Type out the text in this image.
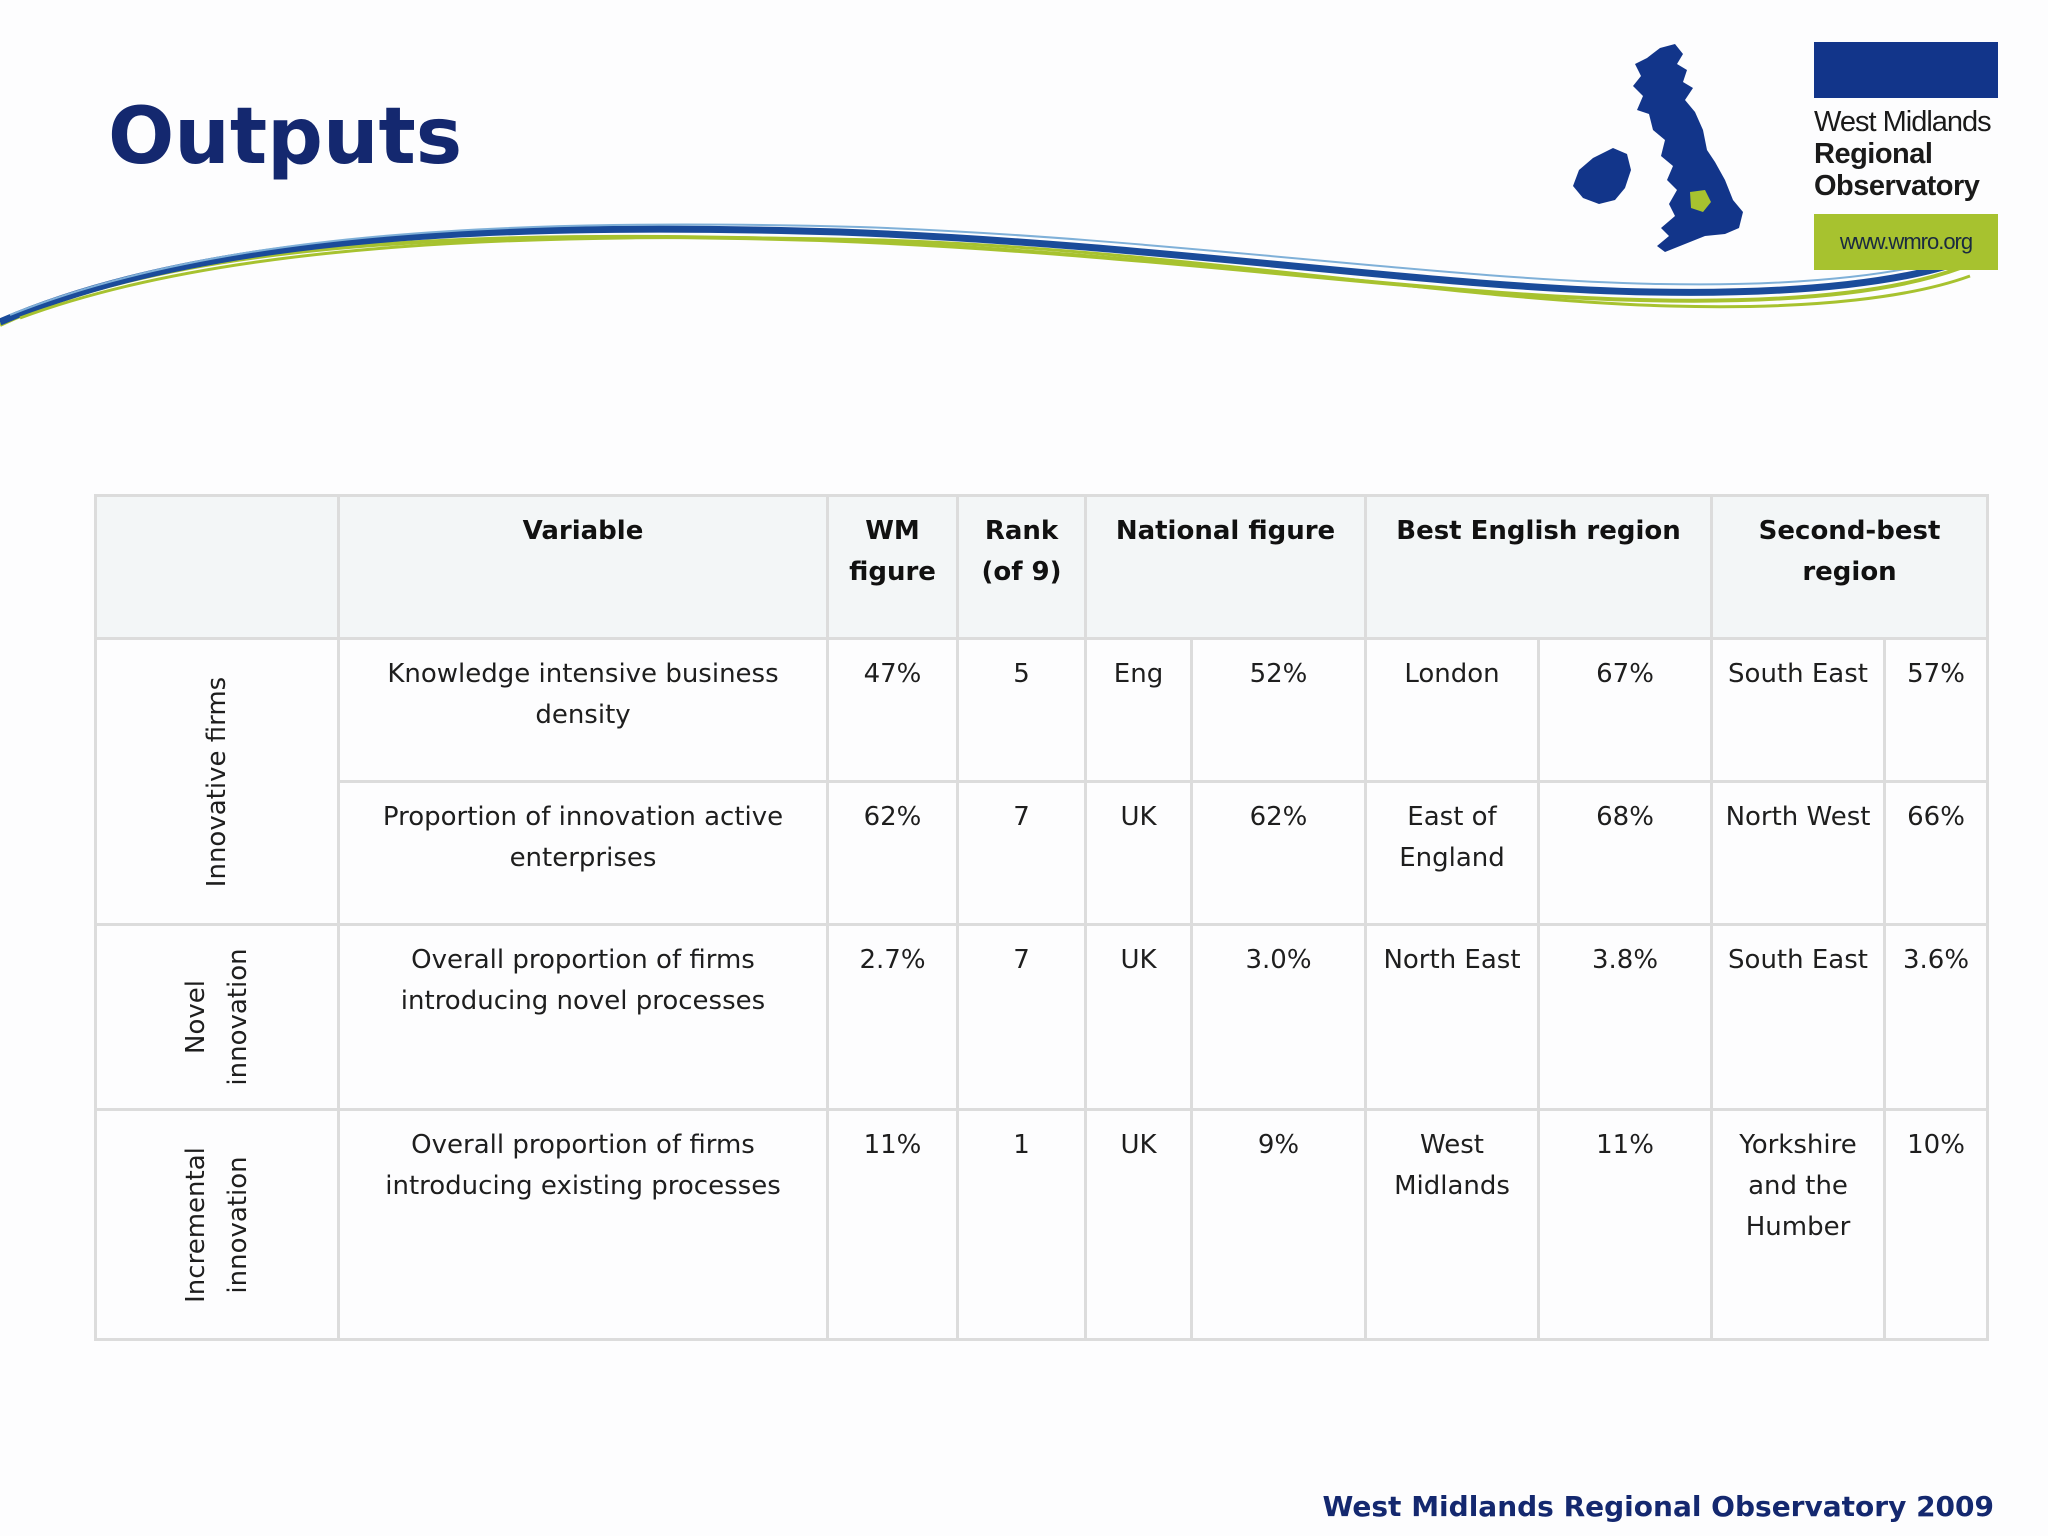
Outputs	West Midlands
Regional
Observatory
www.wmro.org
	Variable	WM figure	Rank (of 9)	National figure		Best English region		Second-best region	

Innovative firms	Knowledge intensive business density	47%	5	Eng	52%	London	67%	South East	57%
	Proportion of innovation active enterprises	62%	7	UK	62%	East of England	68%	North West	66%

Novel innovation	Overall proportion of firms introducing novel processes	2.7%	7	UK	3.0%	North East	3.8%	South East	3.6%

Incremental innovation	Overall proportion of firms introducing existing processes	11%	1	UK	9%	West Midlands	11%	Yorkshire and the Humber	10%
West Midlands Regional Observatory 2009
